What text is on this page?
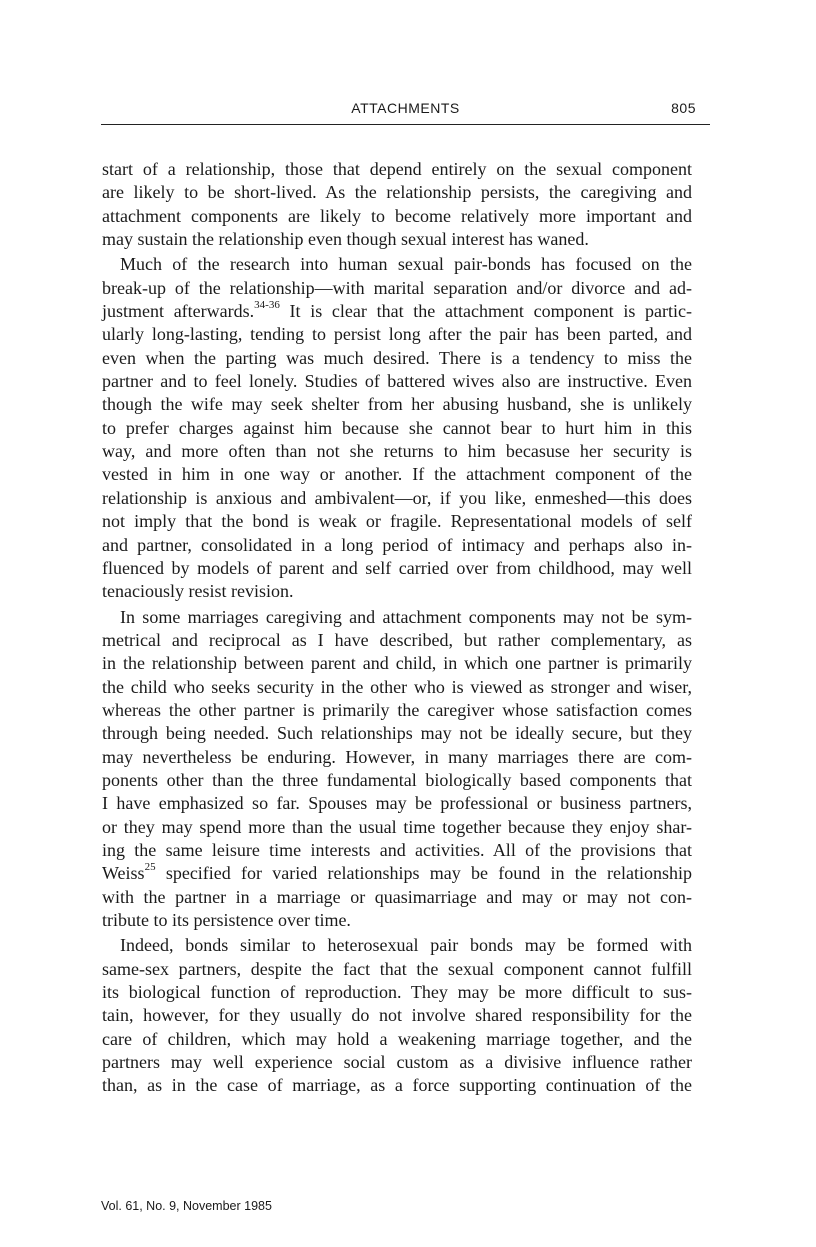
ATTACHMENTS	805
start of a relationship, those that depend entirely on the sexual component
are likely to be short-lived. As the relationship persists, the caregiving and
attachment components are likely to become relatively more important and
may sustain the relationship even though sexual interest has waned.
Much of the research into human sexual pair-bonds has focused on the
break-up of the relationship—with marital separation and/or divorce and ad-
justment afterwards.$^{34-36}$ It is clear that the attachment component is partic-
ularly long-lasting, tending to persist long after the pair has been parted, and
even when the parting was much desired. There is a tendency to miss the
partner and to feel lonely. Studies of battered wives also are instructive. Even
though the wife may seek shelter from her abusing husband, she is unlikely
to prefer charges against him because she cannot bear to hurt him in this
way, and more often than not she returns to him becasuse her security is
vested in him in one way or another. If the attachment component of the
relationship is anxious and ambivalent—or, if you like, enmeshed—this does
not imply that the bond is weak or fragile. Representational models of self
and partner, consolidated in a long period of intimacy and perhaps also in-
fluenced by models of parent and self carried over from childhood, may well
tenaciously resist revision.
In some marriages caregiving and attachment components may not be sym-
metrical and reciprocal as I have described, but rather complementary, as
in the relationship between parent and child, in which one partner is primarily
the child who seeks security in the other who is viewed as stronger and wiser,
whereas the other partner is primarily the caregiver whose satisfaction comes
through being needed. Such relationships may not be ideally secure, but they
may nevertheless be enduring. However, in many marriages there are com-
ponents other than the three fundamental biologically based components that
I have emphasized so far. Spouses may be professional or business partners,
or they may spend more than the usual time together because they enjoy shar-
ing the same leisure time interests and activities. All of the provisions that
Weiss$^{25}$ specified for varied relationships may be found in the relationship
with the partner in a marriage or quasimarriage and may or may not con-
tribute to its persistence over time.
Indeed, bonds similar to heterosexual pair bonds may be formed with
same-sex partners, despite the fact that the sexual component cannot fulfill
its biological function of reproduction. They may be more difficult to sus-
tain, however, for they usually do not involve shared responsibility for the
care of children, which may hold a weakening marriage together, and the
partners may well experience social custom as a divisive influence rather
than, as in the case of marriage, as a force supporting continuation of the
Vol. 61, No. 9, November 1985
